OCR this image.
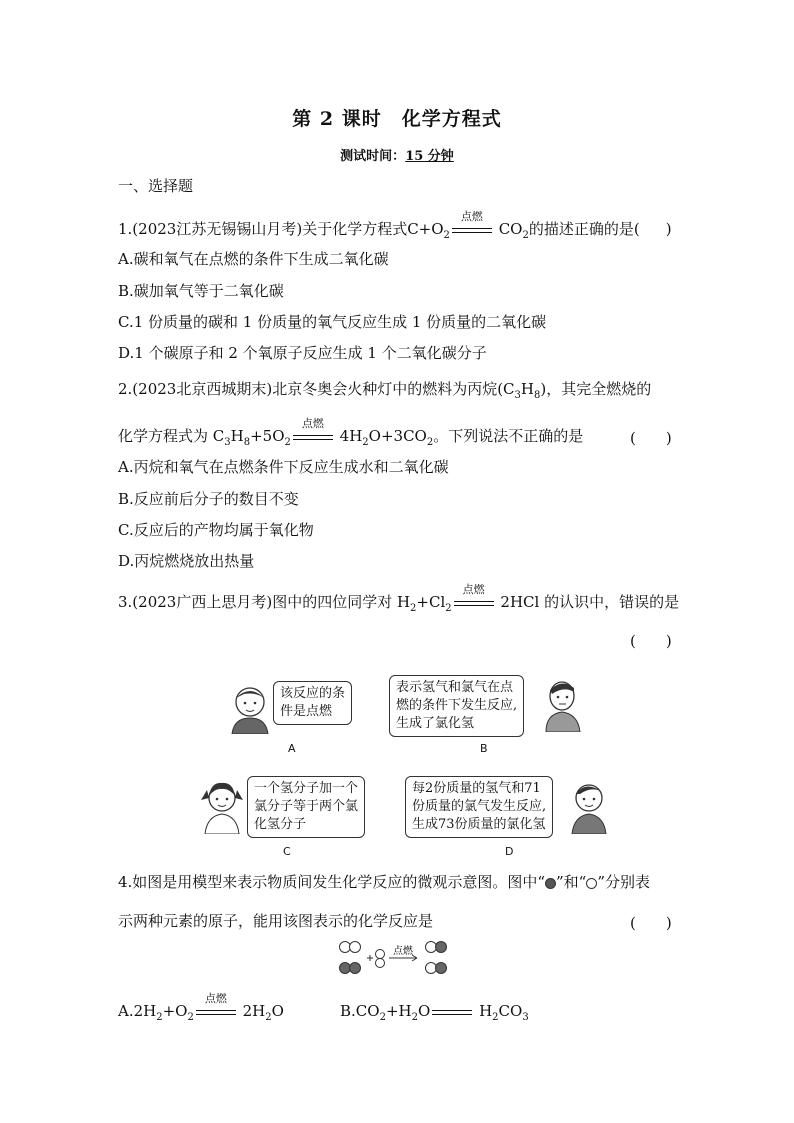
第 2 课时 化学方程式
测试时间：15 分钟
一、选择题
1.(2023江苏无锡锡山月考)关于化学方程式$C+O_2$
点燃
$CO_2$的描述正确的是( )
A.碳和氧气在点燃的条件下生成二氧化碳
B.碳加氧气等于二氧化碳
C.1 份质量的碳和 1 份质量的氧气反应生成 1 份质量的二氧化碳
D.1 个碳原子和 2 个氧原子反应生成 1 个二氧化碳分子
2.(2023北京西城期末)北京冬奥会火种灯中的燃料为丙烷$(C_3H_8)$，其完全燃烧的
化学方程式为 $C_3H_8+5O_2$
点燃
$4H_2O+3CO_2$。下列说法不正确的是	(　　)
A.丙烷和氧气在点燃条件下反应生成水和二氧化碳
B.反应前后分子的数目不变
C.反应后的产物均属于氧化物
D.丙烷燃烧放出热量
3.(2023广西上思月考)图中的四位同学对 $H_2+Cl_2$
点燃
2HCl 的认识中，错误的是
(　　)
该反应的条
件是点燃
A
表示氢气和氯气在点
燃的条件下发生反应,
生成了氯化氢
B
一个氢分子加一个
氯分子等于两个氯
化氢分子
C
每2份质量的氢气和71
份质量的氯气发生反应,
生成73份质量的氯化氢
D
4.如图是用模型来表示物质间发生化学反应的微观示意图。图中“ ”和“ ”分别表
示两种元素的原子，能用该图表示的化学反应是	(　　)
点燃
$A.2H_2+O_2$
点燃
$2H_2O$	$B.CO_2+H_2O$	$H_2CO_3$
